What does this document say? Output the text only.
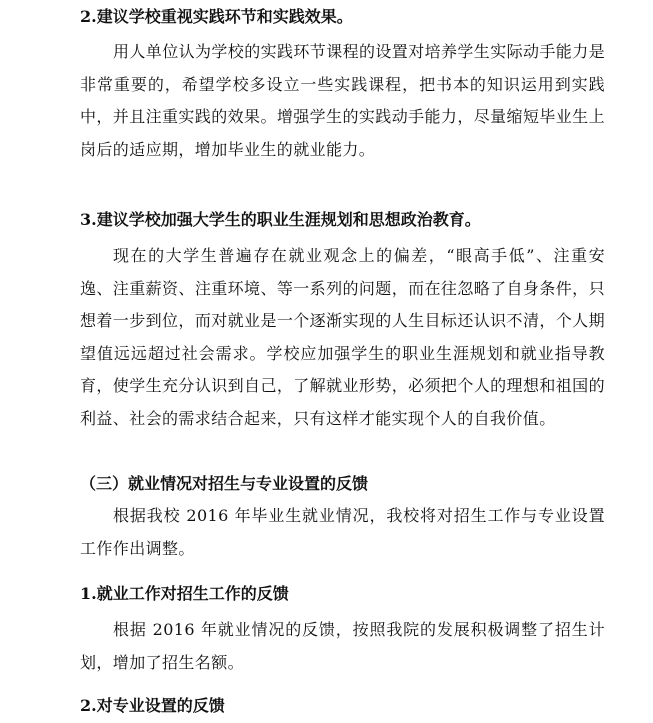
2.建议学校重视实践环节和实践效果。

用人单位认为学校的实践环节课程的设置对培养学生实际动手能力是非常重要的，希望学校多设立一些实践课程，把书本的知识运用到实践中，并且注重实践的效果。增强学生的实践动手能力，尽量缩短毕业生上岗后的适应期，增加毕业生的就业能力。

3.建议学校加强大学生的职业生涯规划和思想政治教育。

现在的大学生普遍存在就业观念上的偏差，“眼高手低”、注重安逸、注重薪资、注重环境、等一系列的问题，而在往忽略了自身条件，只想着一步到位，而对就业是一个逐渐实现的人生目标还认识不清，个人期望值远远超过社会需求。学校应加强学生的职业生涯规划和就业指导教育，使学生充分认识到自己，了解就业形势，必须把个人的理想和祖国的利益、社会的需求结合起来，只有这样才能实现个人的自我价值。

（三）就业情况对招生与专业设置的反馈

根据我校 2016 年毕业生就业情况，我校将对招生工作与专业设置工作作出调整。

1.就业工作对招生工作的反馈

根据 2016 年就业情况的反馈，按照我院的发展积极调整了招生计划，增加了招生名额。

2.对专业设置的反馈
